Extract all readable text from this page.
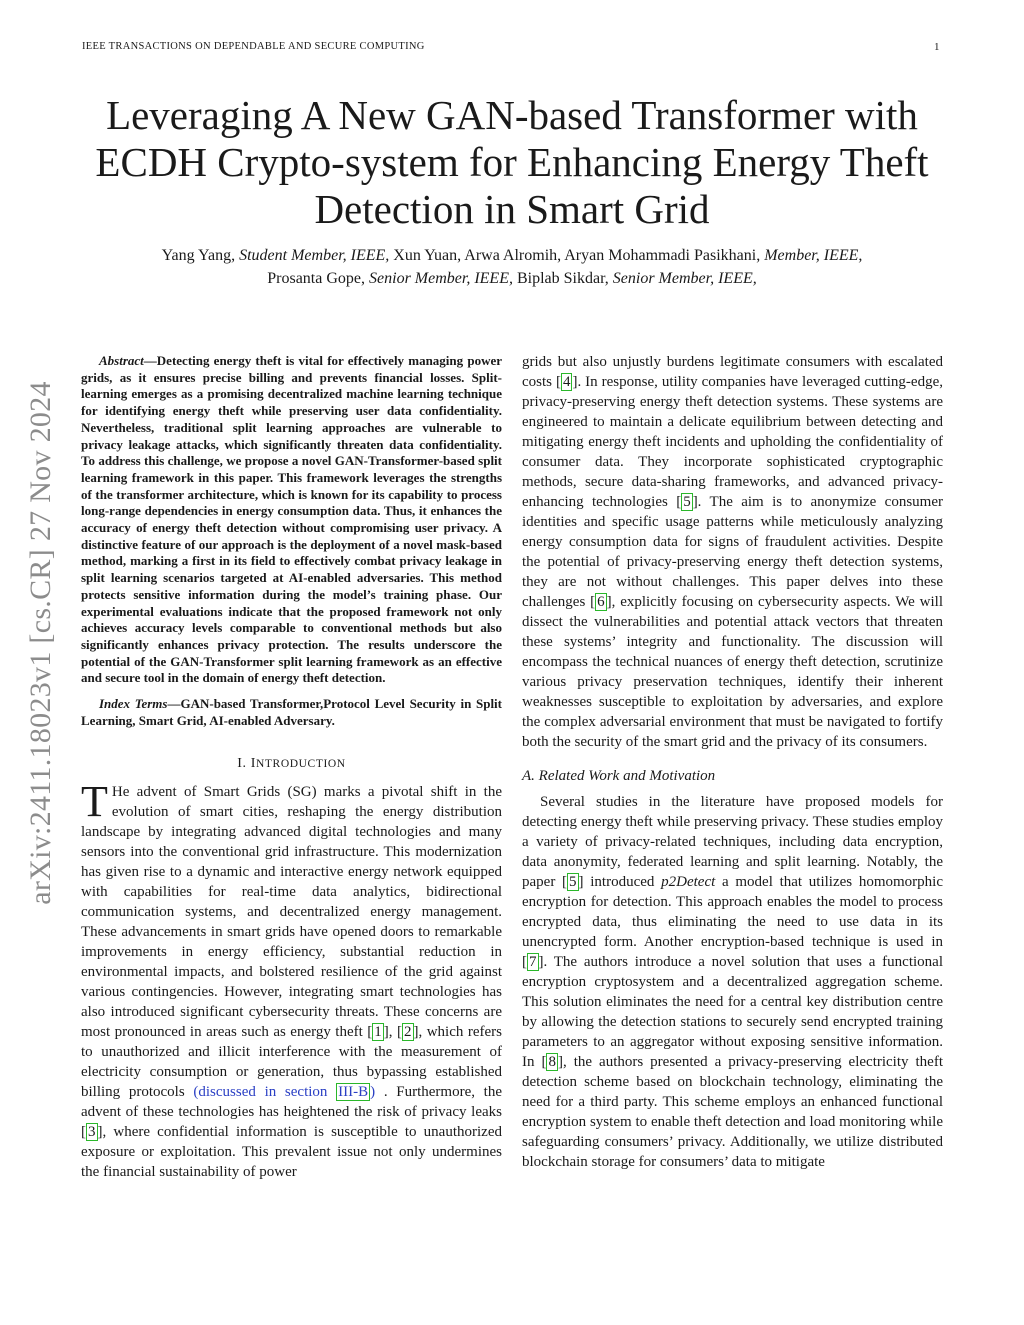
IEEE TRANSACTIONS ON DEPENDABLE AND SECURE COMPUTING	1
Leveraging A New GAN-based Transformer with ECDH Crypto-system for Enhancing Energy Theft Detection in Smart Grid
Yang Yang, Student Member, IEEE, Xun Yuan, Arwa Alromih, Aryan Mohammadi Pasikhani, Member, IEEE,
Prosanta Gope, Senior Member, IEEE, Biplab Sikdar, Senior Member, IEEE,
arXiv:2411.18023v1 [cs.CR] 27 Nov 2024
Abstract—Detecting energy theft is vital for effectively managing power grids, as it ensures precise billing and prevents financial losses. Split-learning emerges as a promising decentralized machine learning technique for identifying energy theft while preserving user data confidentiality. Nevertheless, traditional split learning approaches are vulnerable to privacy leakage attacks, which significantly threaten data confidentiality. To address this challenge, we propose a novel GAN-Transformer-based split learning framework in this paper. This framework leverages the strengths of the transformer architecture, which is known for its capability to process long-range dependencies in energy consumption data. Thus, it enhances the accuracy of energy theft detection without compromising user privacy. A distinctive feature of our approach is the deployment of a novel mask-based method, marking a first in its field to effectively combat privacy leakage in split learning scenarios targeted at AI-enabled adversaries. This method protects sensitive information during the model’s training phase. Our experimental evaluations indicate that the proposed framework not only achieves accuracy levels comparable to conventional methods but also significantly enhances privacy protection. The results underscore the potential of the GAN-Transformer split learning framework as an effective and secure tool in the domain of energy theft detection.
Index Terms—GAN-based Transformer,Protocol Level Security in Split Learning, Smart Grid, AI-enabled Adversary.
I. INTRODUCTION
T He advent of Smart Grids (SG) marks a pivotal shift in the evolution of smart cities, reshaping the energy distribution landscape by integrating advanced digital technologies and many sensors into the conventional grid infrastructure. This modernization has given rise to a dynamic and interactive energy network equipped with capabilities for real-time data analytics, bidirectional communication systems, and decentralized energy management. These advancements in smart grids have opened doors to remarkable improvements in energy efficiency, substantial reduction in environmental impacts, and bolstered resilience of the grid against various contingencies. However, integrating smart technologies has also introduced significant cybersecurity threats. These concerns are most pronounced in areas such as energy theft [ 1 ], [ 2 ], which refers to unauthorized and illicit interference with the measurement of electricity consumption or generation, thus bypassing established billing protocols (discussed in section III-B ) . Furthermore, the advent of these technologies has heightened the risk of privacy leaks [ 3 ], where confidential information is susceptible to unauthorized exposure or exploitation. This prevalent issue not only undermines the financial sustainability of power
grids but also unjustly burdens legitimate consumers with escalated costs [ 4 ]. In response, utility companies have leveraged cutting-edge, privacy-preserving energy theft detection systems. These systems are engineered to maintain a delicate equilibrium between detecting and mitigating energy theft incidents and upholding the confidentiality of consumer data. They incorporate sophisticated cryptographic methods, secure data-sharing frameworks, and advanced privacy-enhancing technologies [ 5 ]. The aim is to anonymize consumer identities and specific usage patterns while meticulously analyzing energy consumption data for signs of fraudulent activities. Despite the potential of privacy-preserving energy theft detection systems, they are not without challenges. This paper delves into these challenges [ 6 ], explicitly focusing on cybersecurity aspects. We will dissect the vulnerabilities and potential attack vectors that threaten these systems’ integrity and functionality. The discussion will encompass the technical nuances of energy theft detection, scrutinize various privacy preservation techniques, identify their inherent weaknesses susceptible to exploitation by adversaries, and explore the complex adversarial environment that must be navigated to fortify both the security of the smart grid and the privacy of its consumers.
A. Related Work and Motivation
Several studies in the literature have proposed models for detecting energy theft while preserving privacy. These studies employ a variety of privacy-related techniques, including data encryption, data anonymity, federated learning and split learning. Notably, the paper [ 5 ] introduced p2Detect a model that utilizes homomorphic encryption for detection. This approach enables the model to process encrypted data, thus eliminating the need to use data in its unencrypted form. Another encryption-based technique is used in [ 7 ]. The authors introduce a novel solution that uses a functional encryption cryptosystem and a decentralized aggregation scheme. This solution eliminates the need for a central key distribution centre by allowing the detection stations to securely send encrypted training parameters to an aggregator without exposing sensitive information. In [ 8 ], the authors presented a privacy-preserving electricity theft detection scheme based on blockchain technology, eliminating the need for a third party. This scheme employs an enhanced functional encryption system to enable theft detection and load monitoring while safeguarding consumers’ privacy. Additionally, we utilize distributed blockchain storage for consumers’ data to mitigate
